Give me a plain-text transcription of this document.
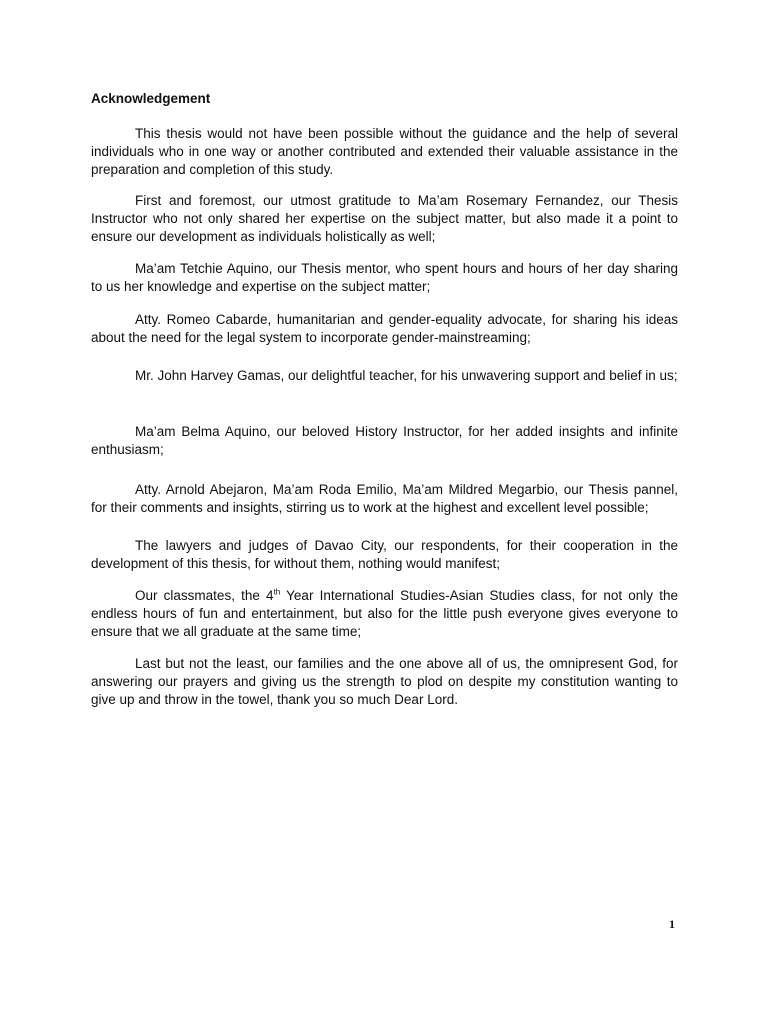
Acknowledgement

This thesis would not have been possible without the guidance and the help of several individuals who in one way or another contributed and extended their valuable assistance in the preparation and completion of this study.

First and foremost, our utmost gratitude to Ma’am Rosemary Fernandez, our Thesis Instructor who not only shared her expertise on the subject matter, but also made it a point to ensure our development as individuals holistically as well;

Ma’am Tetchie Aquino, our Thesis mentor, who spent hours and hours of her day sharing to us her knowledge and expertise on the subject matter;

Atty. Romeo Cabarde, humanitarian and gender-equality advocate, for sharing his ideas about the need for the legal system to incorporate gender-mainstreaming;

Mr. John Harvey Gamas, our delightful teacher, for his unwavering support and belief in us;

Ma’am Belma Aquino, our beloved History Instructor, for her added insights and infinite enthusiasm;

Atty. Arnold Abejaron, Ma’am Roda Emilio, Ma’am Mildred Megarbio, our Thesis pannel, for their comments and insights, stirring us to work at the highest and excellent level possible;

The lawyers and judges of Davao City, our respondents, for their cooperation in the development of this thesis, for without them, nothing would manifest;

Our classmates, the 4th Year International Studies-Asian Studies class, for not only the endless hours of fun and entertainment, but also for the little push everyone gives everyone to ensure that we all graduate at the same time;

Last but not the least, our families and the one above all of us, the omnipresent God, for answering our prayers and giving us the strength to plod on despite my constitution wanting to give up and throw in the towel, thank you so much Dear Lord.

1
